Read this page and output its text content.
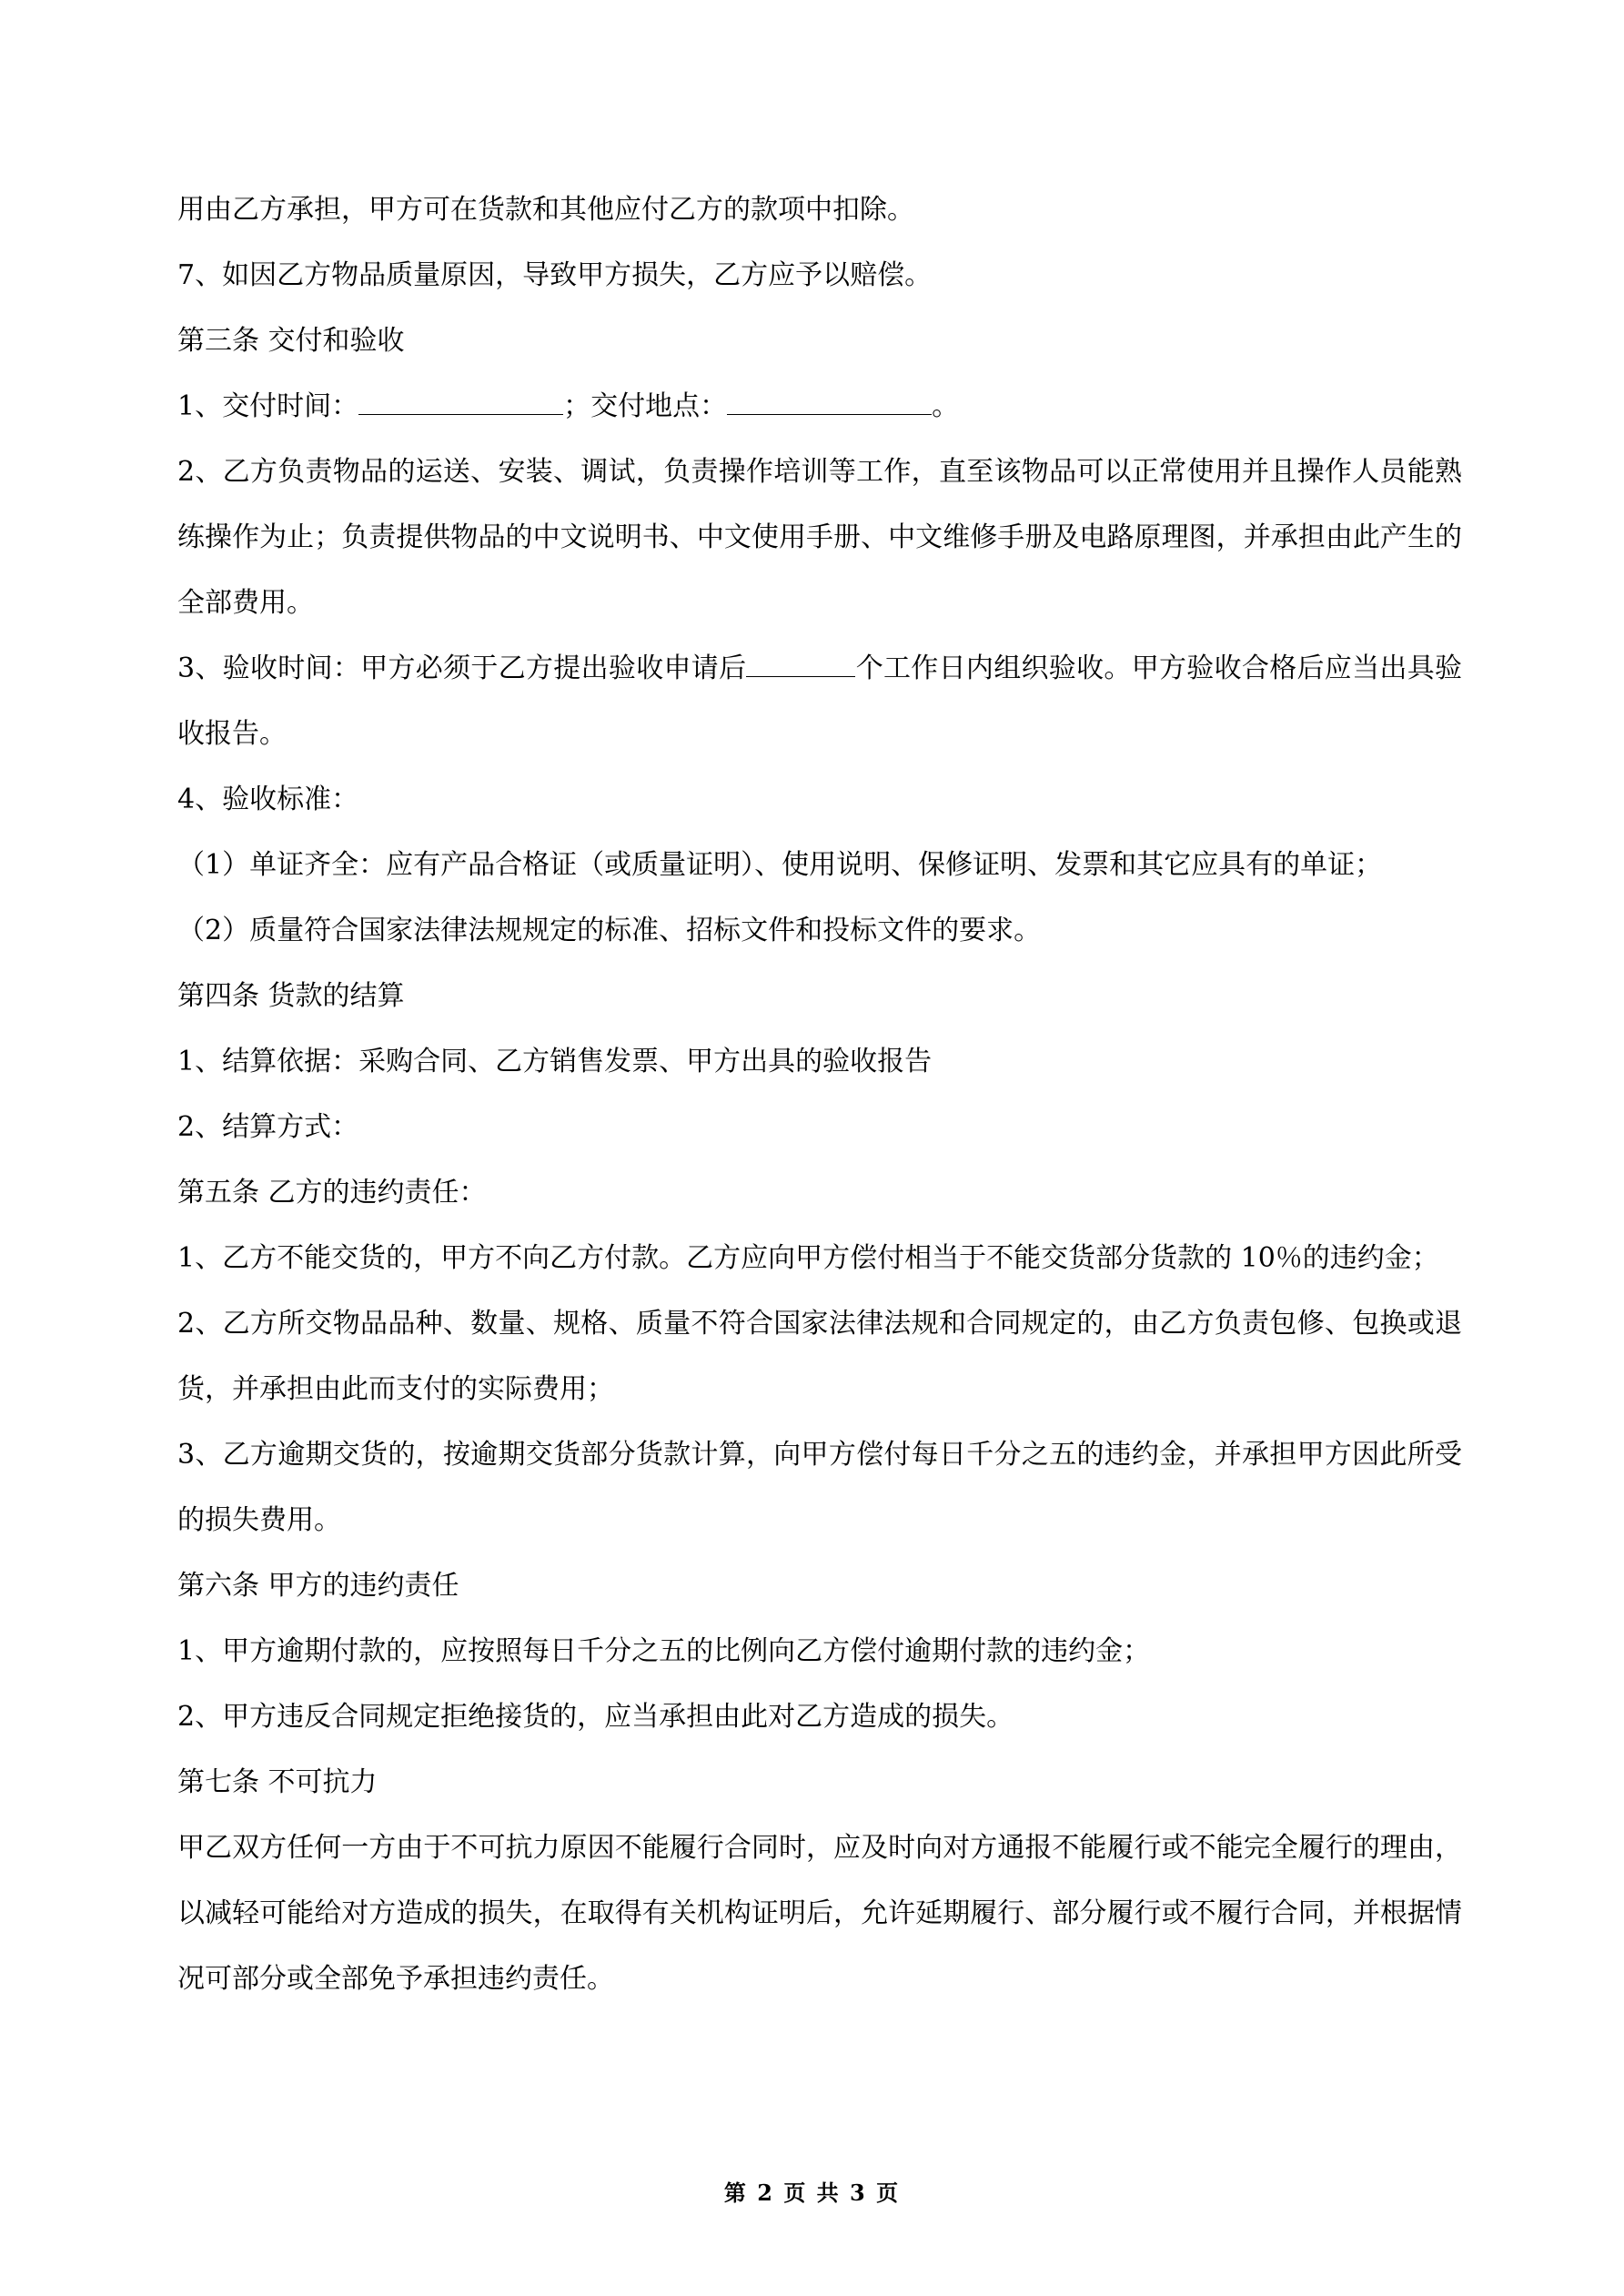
用由乙方承担，甲方可在货款和其他应付乙方的款项中扣除。

7、如因乙方物品质量原因，导致甲方损失，乙方应予以赔偿。

第三条 交付和验收

1、交付时间：	；交付地点：	。

2、乙方负责物品的运送、安装、调试，负责操作培训等工作，直至该物品可以正常使用并且操作人员能熟练操作为止；负责提供物品的中文说明书、中文使用手册、中文维修手册及电路原理图，并承担由此产生的全部费用。

3、验收时间：甲方必须于乙方提出验收申请后	个工作日内组织验收。甲方验收合格后应当出具验收报告。

4、验收标准：

（1）单证齐全：应有产品合格证（或质量证明）、使用说明、保修证明、发票和其它应具有的单证；

（2）质量符合国家法律法规规定的标准、招标文件和投标文件的要求。

第四条 货款的结算

1、结算依据：采购合同、乙方销售发票、甲方出具的验收报告

2、结算方式：

第五条 乙方的违约责任：

1、乙方不能交货的，甲方不向乙方付款。乙方应向甲方偿付相当于不能交货部分货款的 10％的违约金；

2、乙方所交物品品种、数量、规格、质量不符合国家法律法规和合同规定的，由乙方负责包修、包换或退货，并承担由此而支付的实际费用；

3、乙方逾期交货的，按逾期交货部分货款计算，向甲方偿付每日千分之五的违约金，并承担甲方因此所受的损失费用。

第六条 甲方的违约责任

1、甲方逾期付款的，应按照每日千分之五的比例向乙方偿付逾期付款的违约金；

2、甲方违反合同规定拒绝接货的，应当承担由此对乙方造成的损失。

第七条 不可抗力

甲乙双方任何一方由于不可抗力原因不能履行合同时，应及时向对方通报不能履行或不能完全履行的理由，以减轻可能给对方造成的损失，在取得有关机构证明后，允许延期履行、部分履行或不履行合同，并根据情况可部分或全部免予承担违约责任。

第 2 页 共 3 页
